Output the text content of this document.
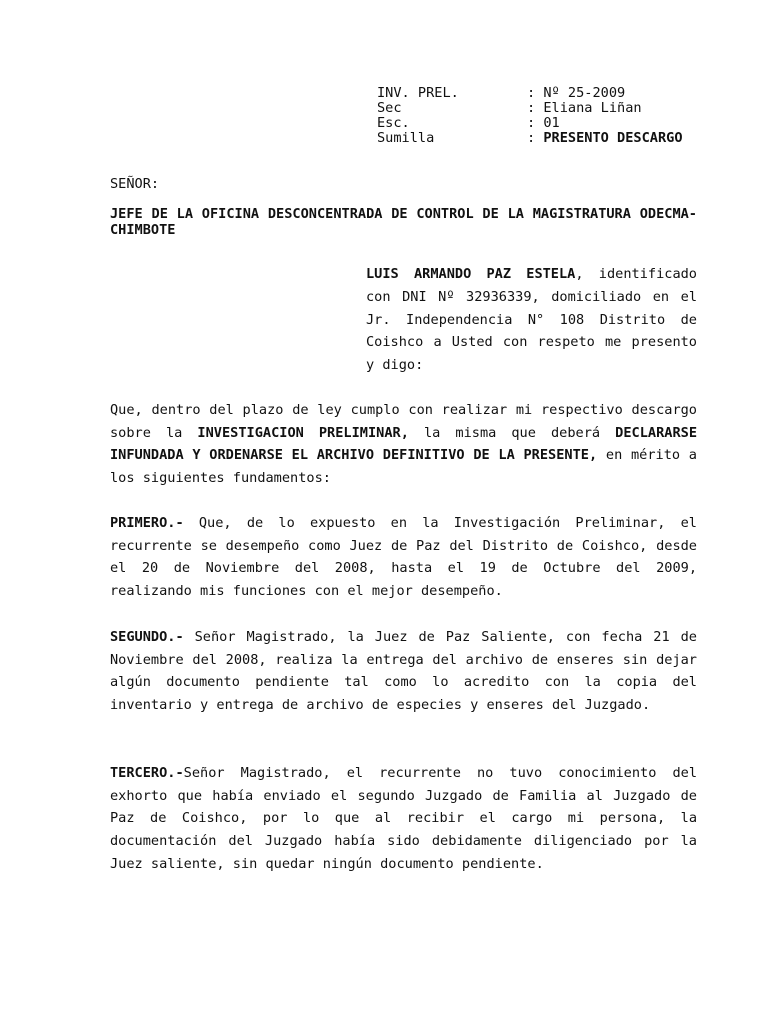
INV. PREL.	: Nº 25-2009
Sec	: Eliana Liñan
Esc.	: 01
Sumilla	: PRESENTO DESCARGO
SEÑOR:
JEFE DE LA OFICINA DESCONCENTRADA DE CONTROL DE LA MAGISTRATURA ODECMA-CHIMBOTE
LUIS ARMANDO PAZ ESTELA, identificado con DNI Nº 32936339, domiciliado en el Jr. Independencia N° 108 Distrito de Coishco a Usted con respeto me presento y digo:
Que, dentro del plazo de ley cumplo con realizar mi respectivo descargo sobre la INVESTIGACION PRELIMINAR, la misma que deberá DECLARARSE INFUNDADA Y ORDENARSE EL ARCHIVO DEFINITIVO DE LA PRESENTE, en mérito a los siguientes fundamentos:
PRIMERO.- Que, de lo expuesto en la Investigación Preliminar, el recurrente se desempeño como Juez de Paz del Distrito de Coishco, desde el 20 de Noviembre del 2008, hasta el 19 de Octubre del 2009, realizando mis funciones con el mejor desempeño.
SEGUNDO.- Señor Magistrado, la Juez de Paz Saliente, con fecha 21 de Noviembre del 2008, realiza la entrega del archivo de enseres sin dejar algún documento pendiente tal como lo acredito con la copia del inventario y entrega de archivo de especies y enseres del Juzgado.
TERCERO.-Señor Magistrado, el recurrente no tuvo conocimiento del exhorto que había enviado el segundo Juzgado de Familia al Juzgado de Paz de Coishco, por lo que al recibir el cargo mi persona, la documentación del Juzgado había sido debidamente diligenciado por la Juez saliente, sin quedar ningún documento pendiente.
